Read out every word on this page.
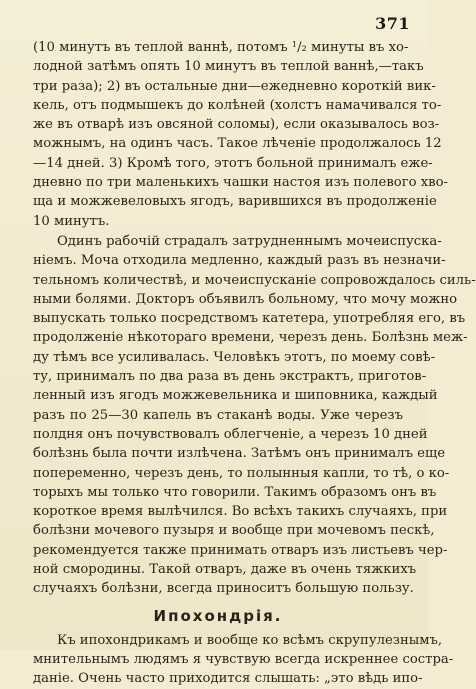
371
(10 минутъ въ теплой ваннѣ, потомъ ¹/₂ минуты въ хо-
лодной затѣмъ опять 10 минутъ въ теплой ваннѣ,—такъ
три раза); 2) въ остальные дни—ежедневно короткій вик-
кель, отъ подмышекъ до колѣней (холстъ намачивался то-
же въ отварѣ изъ овсяной соломы), если оказывалось воз-
можнымъ, на одинъ часъ. Такое лѣченіе продолжалось 12
—14 дней. 3) Кромѣ того, этотъ больной принималъ еже-
дневно по три маленькихъ чашки настоя изъ полевого хво-
ща и можжевеловыхъ ягодъ, варившихся въ продолженіе
10 минутъ.
Одинъ рабочій страдалъ затрудненнымъ мочеиспуска-
ніемъ. Моча отходила медленно, каждый разъ въ незначи-
тельномъ количествѣ, и мочеиспусканіе сопровождалось силь-
ными болями. Докторъ объявилъ больному, что мочу можно
выпускать только посредствомъ катетера, употребляя его, въ
продолженіе нѣкотораго времени, черезъ день. Болѣзнь меж-
ду тѣмъ все усиливалась. Человѣкъ этотъ, по моему совѣ-
ту, принималъ по два раза въ день экстрактъ, приготов-
ленный изъ ягодъ можжевельника и шиповника, каждый
разъ по 25—30 капель въ стаканѣ воды. Уже черезъ
полдня онъ почувствовалъ облегченіе, а черезъ 10 дней
болѣзнь была почти излѣчена. Затѣмъ онъ принималъ еще
попеременно, черезъ день, то полынныя капли, то тѣ, о ко-
торыхъ мы только что говорили. Такимъ образомъ онъ въ
короткое время вылѣчился. Во всѣхъ такихъ случаяхъ, при
болѣзни мочевого пузыря и вообще при мочевомъ пескѣ,
рекомендуется также принимать отваръ изъ листьевъ чер-
ной смородины. Такой отваръ, даже въ очень тяжкихъ
случаяхъ болѣзни, всегда приноситъ большую пользу.
Ипохондрія.
Къ ипохондрикамъ и вообще ко всѣмъ скрупулезнымъ,
мнительнымъ людямъ я чувствую всегда искреннее состра-
даніе. Очень часто приходится слышать: „это вѣдь ипо-
